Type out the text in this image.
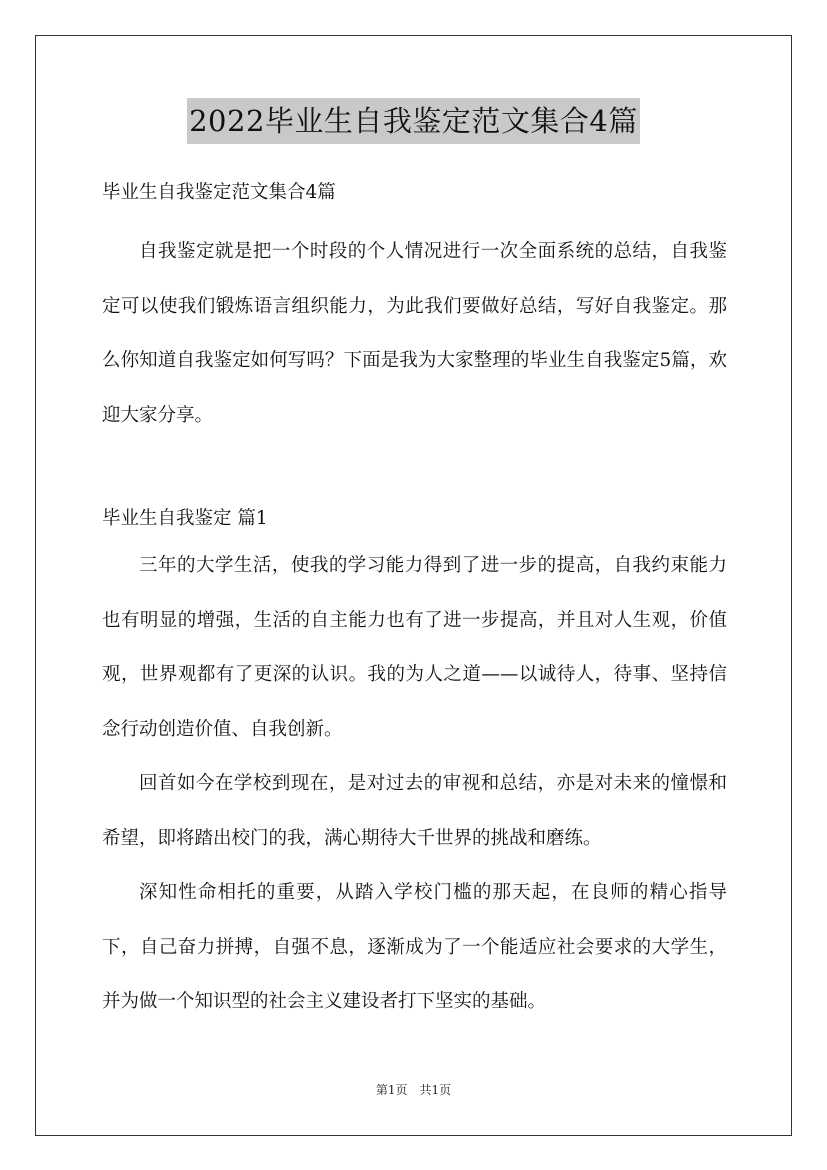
2022毕业生自我鉴定范文集合4篇

毕业生自我鉴定范文集合4篇

自我鉴定就是把一个时段的个人情况进行一次全面系统的总结，自我鉴定可以使我们锻炼语言组织能力，为此我们要做好总结，写好自我鉴定。那么你知道自我鉴定如何写吗？下面是我为大家整理的毕业生自我鉴定5篇，欢迎大家分享。

毕业生自我鉴定 篇1

三年的大学生活，使我的学习能力得到了进一步的提高，自我约束能力也有明显的增强，生活的自主能力也有了进一步提高，并且对人生观，价值观，世界观都有了更深的认识。我的为人之道——以诚待人，待事、坚持信念行动创造价值、自我创新。

回首如今在学校到现在，是对过去的审视和总结，亦是对未来的憧憬和希望，即将踏出校门的我，满心期待大千世界的挑战和磨练。

深知性命相托的重要，从踏入学校门槛的那天起，在良师的精心指导下，自己奋力拼搏，自强不息，逐渐成为了一个能适应社会要求的大学生，并为做一个知识型的社会主义建设者打下坚实的基础。

第1页　共1页
